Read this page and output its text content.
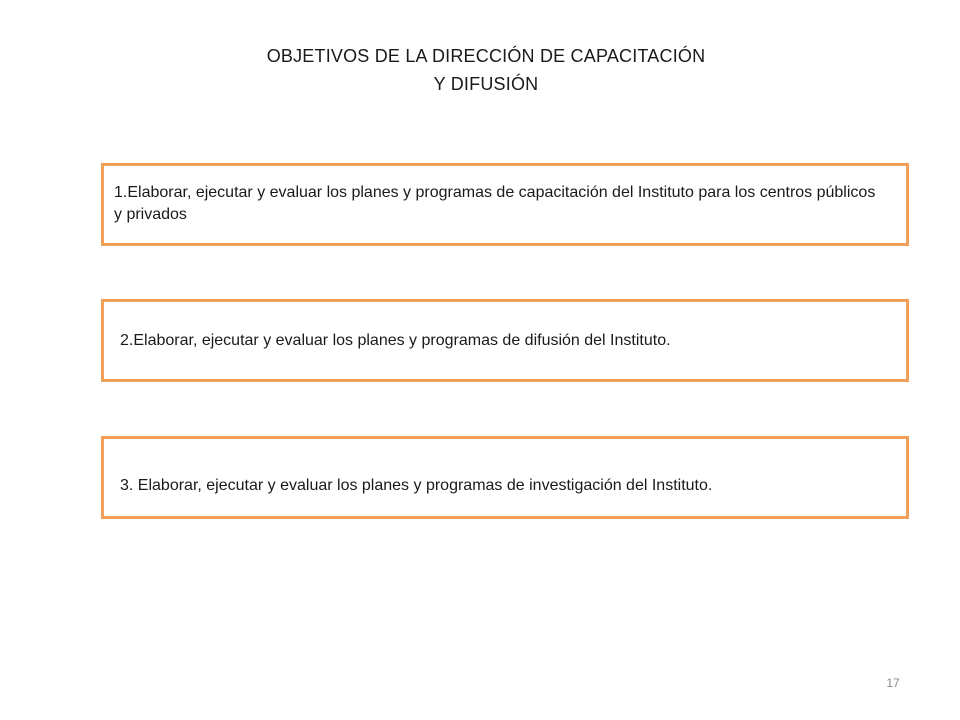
OBJETIVOS DE LA DIRECCIÓN DE CAPACITACIÓN
Y DIFUSIÓN
1.Elaborar, ejecutar y evaluar los planes y programas de capacitación del Instituto para los centros públicos y privados
2.Elaborar, ejecutar y evaluar los planes y programas de difusión del Instituto.
3. Elaborar, ejecutar y evaluar los planes y programas de investigación del Instituto.
17
